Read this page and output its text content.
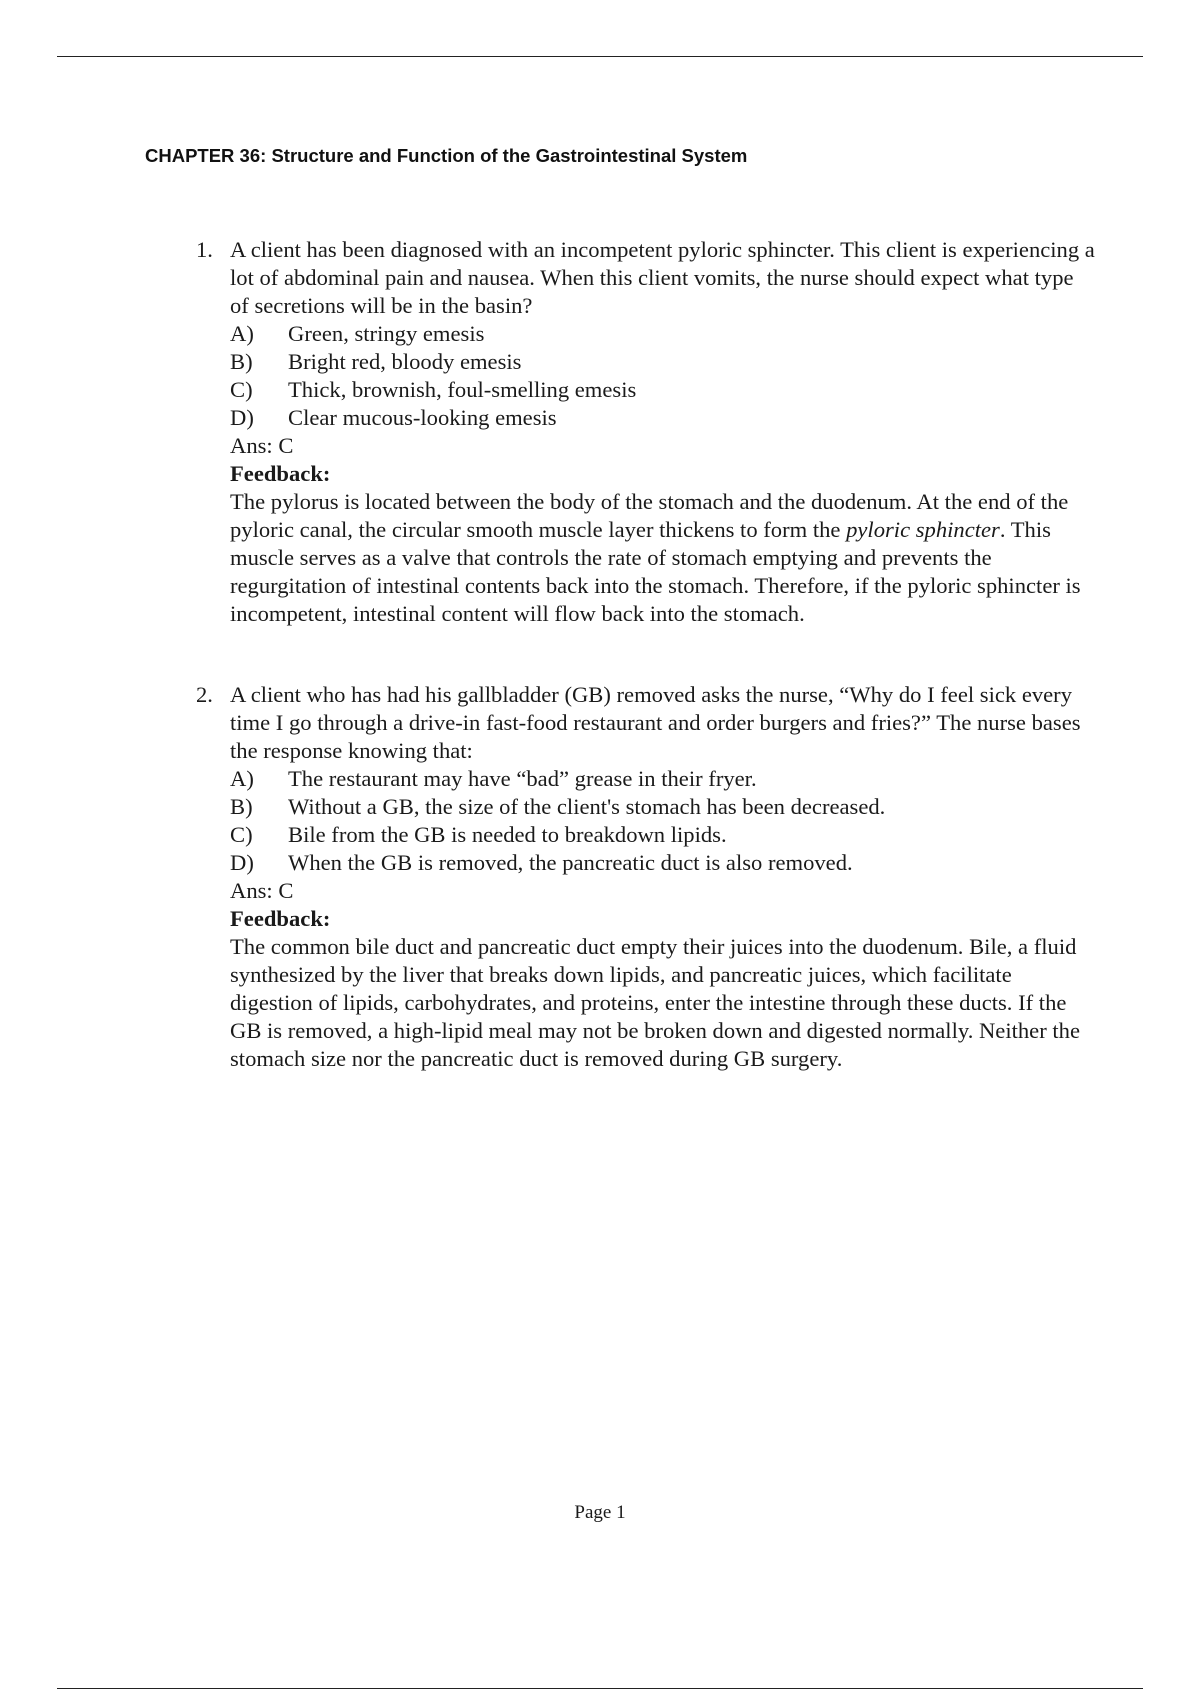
CHAPTER 36: Structure and Function of the Gastrointestinal System
1. A client has been diagnosed with an incompetent pyloric sphincter. This client is experiencing a lot of abdominal pain and nausea. When this client vomits, the nurse should expect what type of secretions will be in the basin?

A)	Green, stringy emesis
B)	Bright red, bloody emesis
C)	Thick, brownish, foul-smelling emesis
D)	Clear mucous-looking emesis

Ans: C

Feedback:

The pylorus is located between the body of the stomach and the duodenum. At the end of the pyloric canal, the circular smooth muscle layer thickens to form the pyloric sphincter. This muscle serves as a valve that controls the rate of stomach emptying and prevents the regurgitation of intestinal contents back into the stomach. Therefore, if the pyloric sphincter is incompetent, intestinal content will flow back into the stomach.

2. A client who has had his gallbladder (GB) removed asks the nurse, “Why do I feel sick every time I go through a drive-in fast-food restaurant and order burgers and fries?” The nurse bases the response knowing that:

A)	The restaurant may have “bad” grease in their fryer.
B)	Without a GB, the size of the client's stomach has been decreased.
C)	Bile from the GB is needed to breakdown lipids.
D)	When the GB is removed, the pancreatic duct is also removed.

Ans: C

Feedback:

The common bile duct and pancreatic duct empty their juices into the duodenum. Bile, a fluid synthesized by the liver that breaks down lipids, and pancreatic juices, which facilitate digestion of lipids, carbohydrates, and proteins, enter the intestine through these ducts. If the GB is removed, a high-lipid meal may not be broken down and digested normally. Neither the stomach size nor the pancreatic duct is removed during GB surgery.

Page 1
